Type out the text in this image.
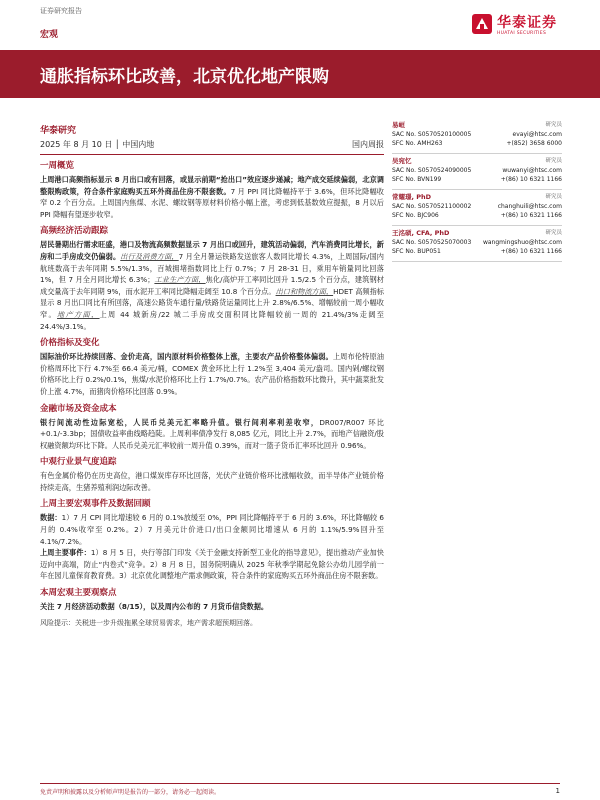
证券研究报告
宏观
华泰证券
HUATAI SECURITIES
通胀指标环比改善，北京优化地产限购
华泰研究
2025 年 8 月 10 日 │ 中国内地	国内周报
一周概览

上周港口高频指标显示 8 月出口或有回落，或显示前期“抢出口”效应逐步递减；地产成交延续偏弱，北京调整限购政策，符合条件家庭购买五环外商品住房不限套数。7 月 PPI 同比降幅持平于 3.6%，但环比降幅收窄 0.2 个百分点。上周国内焦煤、水泥、螺纹钢等原材料价格小幅上涨，考虑到低基数效应提振，8 月以后 PPI 降幅有望逐步收窄。

高频经济活动跟踪

居民暑期出行需求旺盛，港口及物流高频数据显示 7 月出口或回升，建筑活动偏弱，汽车消费同比增长，新房和二手房成交仍偏弱。出行及消费方面，7 月全月暑运铁路发送旅客人数同比增长 4.3%，上周国际/国内航班数高于去年同期 5.5%/1.3%，百城拥堵指数同比上行 0.7%；7 月 28-31 日，乘用车销量同比回落 1%，但 7 月全月同比增长 6.3%；工业生产方面，焦化/高炉开工率同比回升 1.5/2.5 个百分点，建筑钢材成交量高于去年同期 9%，而水泥开工率同比降幅走阔至 10.8 个百分点。出口和物流方面，HDET 高频指标显示 8 月出口同比有所回落，高速公路货车通行量/铁路货运量同比上升 2.8%/6.5%、增幅较前一周小幅收窄。地产方面，上周 44 城新房/22 城二手房成交面积同比降幅较前一周的 21.4%/3%走阔至 24.4%/3.1%。

价格指标及变化

国际油价环比持续回落、金价走高，国内原材料价格整体上涨，主要农产品价格整体偏弱。上周布伦特原油价格周环比下行 4.7%至 66.4 美元/桶，COMEX 黄金环比上行 1.2%至 3,404 美元/盎司。国内剁/螺纹钢价格环比上行 0.2%/0.1%，焦煤/水泥价格环比上行 1.7%/0.7%。农产品价格指数环比微升，其中蔬菜批发价上涨 4.7%，而猪肉价格环比回落 0.9%。

金融市场及资金成本

银行间流动性边际宽松，人民币兑美元汇率略升值。银行间利率利差收窄，DR007/R007 环比+0.1/-3.3bp；国债收益率曲线略趋陡。上周利率债净发行 8,085 亿元，同比上升 2.7%，而地产信融资/股权融资额均环比下降。人民币兑美元汇率较前一周升值 0.39%，而对一篮子货币汇率环比回升 0.96%。

中观行业景气度追踪

有色金属价格仍在历史高位，港口煤炭库存环比回落，光伏产业链价格环比涨幅收敛，而半导体产业链价格持续走高，生猪养殖利润边际改善。

上周主要宏观事件及数据回顾

数据：1）7 月 CPI 同比增速较 6 月的 0.1%放缓至 0%，PPI 同比降幅持平于 6 月的 3.6%，环比降幅较 6 月的 0.4%收窄至 0.2%。2）7 月美元计价进口/出口金额同比增速从 6 月的 1.1%/5.9%回升至 4.1%/7.2%。

上周主要事件：1）8 月 5 日，央行等部门印发《关于金融支持新型工业化的指导意见》，提出推动产业加快迈向中高端，防止“内卷式”竞争。2）8 月 8 日，国务院明确从 2025 年秋季学期起免除公办幼儿园学前一年在园儿童保育教育费。3）北京优化调整地产需求侧政策，符合条件的家庭购买五环外商品住房不限套数。

本周宏观主要观察点

关注 7 月经济活动数据（8/15），以及周内公布的 7 月货币信贷数据。

风险提示：关税进一步升级拖累全球贸易需求，地产需求超预期回落。
易峘	研究员
SAC No. S0570520100005	evayi@htsc.com
SFC No. AMH263	+(852) 3658 6000
吴宛忆	研究员
SAC No. S0570524090005	wuwanyi@htsc.com
SFC No. BVN199	+(86) 10 6321 1166
常耀璟, PhD	研究员
SAC No. S0570521100002	changhuili@htsc.com
SFC No. BJC906	+(86) 10 6321 1166
王洺硕, CFA, PhD	研究员
SAC No. S0570525070003 wangmingshuo@htsc.com
SFC No. BUP051	+(86) 10 6321 1166
免责声明和披露以及分析师声明是报告的一部分，请务必一起阅读。	1
